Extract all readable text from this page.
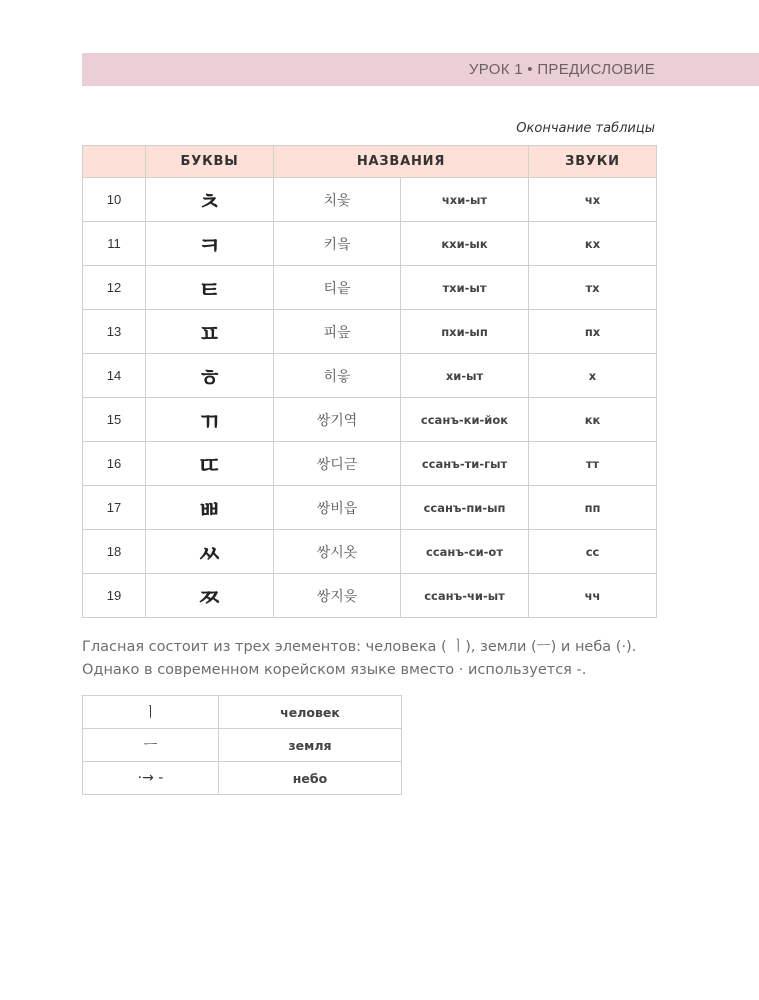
УРОК 1 • ПРЕДИСЛОВИЕ
Окончание таблицы
	БУКВЫ	НАЗВАНИЯ		ЗВУКИ
10	ㅊ	치읓	чхи-ыт	чх
11	ㅋ	키읔	кхи-ык	кх
12	ㅌ	티읕	тхи-ыт	тх
13	ㅍ	피읖	пхи-ып	пх
14	ㅎ	히읗	хи-ыт	х
15	ㄲ	쌍기역	ссанъ-ки-йок	кк
16	ㄸ	쌍디귿	ссанъ-ти-гыт	тт
17	ㅃ	쌍비읍	ссанъ-пи-ып	пп
18	ㅆ	쌍시옷	ссанъ-си-от	сс
19	ㅉ	쌍지읒	ссанъ-чи-ыт	чч
Гласная состоит из трех элементов: человека ( ㅣ), земли (ㅡ) и неба (·).
Однако в современном корейском языке вместо · используется -.
ㅣ	человек
ㅡ	земля
·→ -	небо
